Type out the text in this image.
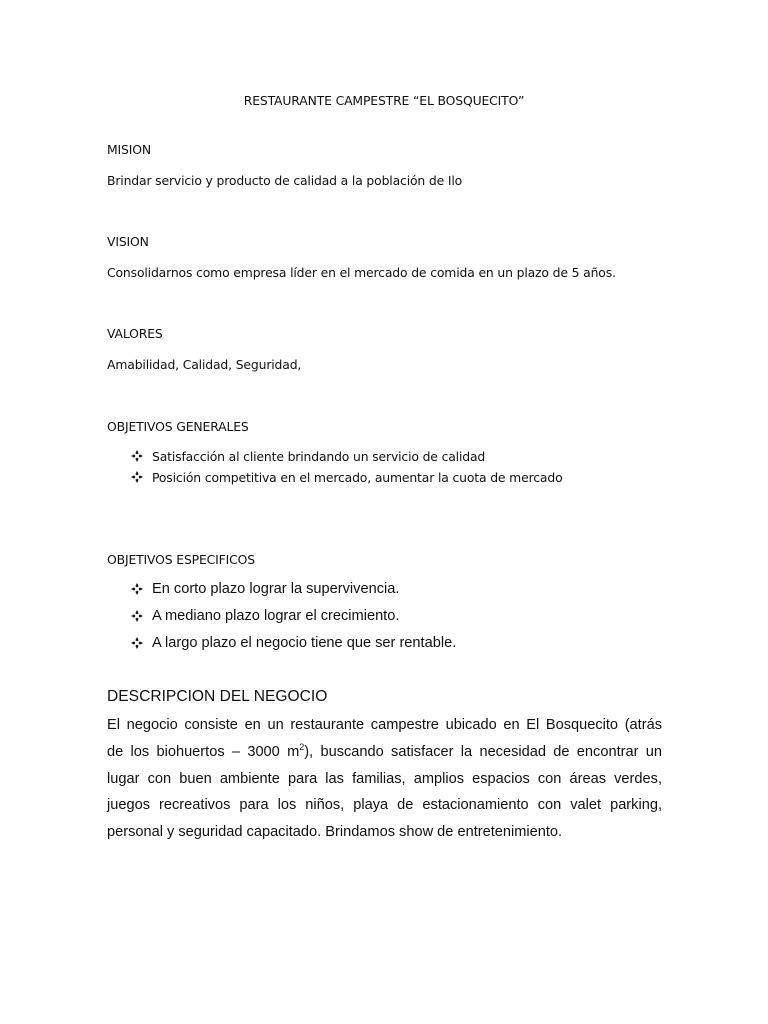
RESTAURANTE CAMPESTRE “EL BOSQUECITO”
MISION
Brindar servicio y producto de calidad a la población de Ilo
VISION
Consolidarnos como empresa líder en el mercado de comida en un plazo de 5 años.
VALORES
Amabilidad, Calidad, Seguridad,
OBJETIVOS GENERALES
Satisfacción al cliente brindando un servicio de calidad
Posición competitiva en el mercado, aumentar la cuota de mercado
OBJETIVOS ESPECIFICOS
En corto plazo lograr la supervivencia.
A mediano plazo lograr el crecimiento.
A largo plazo el negocio tiene que ser rentable.
DESCRIPCION DEL NEGOCIO
El negocio consiste en un restaurante campestre ubicado en El Bosquecito (atrás
de los biohuertos – 3000 $m^2$), buscando satisfacer la necesidad de encontrar un
lugar con buen ambiente para las familias, amplios espacios con áreas verdes,
juegos recreativos para los niños, playa de estacionamiento con valet parking,
personal y seguridad capacitado. Brindamos show de entretenimiento.
